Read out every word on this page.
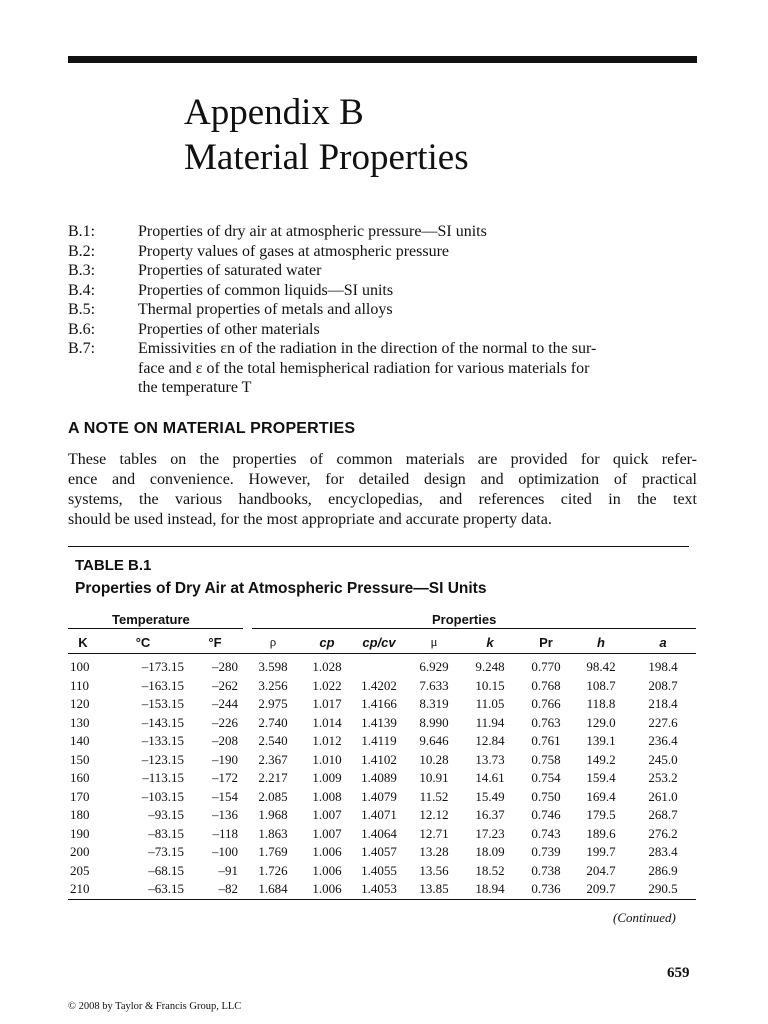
Appendix B
Material Properties
B.1:	Properties of dry air at atmospheric pressure—SI units
B.2:	Property values of gases at atmospheric pressure
B.3:	Properties of saturated water
B.4:	Properties of common liquids—SI units
B.5:	Thermal properties of metals and alloys
B.6:	Properties of other materials
B.7:	Emissivities εn of the radiation in the direction of the normal to the sur-
face and ε of the total hemispherical radiation for various materials for
the temperature T
A NOTE ON MATERIAL PROPERTIES
These tables on the properties of common materials are provided for quick refer-
ence and convenience. However, for detailed design and optimization of practical
systems, the various handbooks, encyclopedias, and references cited in the text
should be used instead, for the most appropriate and accurate property data.
TABLE B.1
Properties of Dry Air at Atmospheric Pressure—SI Units
Temperature	Properties
K	°C	°F	ρ	cp	cp/cv	μ	k	Pr	h	a
100	–173.15	–280	3.598	1.028		6.929	9.248	0.770	98.42	198.4
110	–163.15	–262	3.256	1.022	1.4202	7.633	10.15	0.768	108.7	208.7
120	–153.15	–244	2.975	1.017	1.4166	8.319	11.05	0.766	118.8	218.4
130	–143.15	–226	2.740	1.014	1.4139	8.990	11.94	0.763	129.0	227.6
140	–133.15	–208	2.540	1.012	1.4119	9.646	12.84	0.761	139.1	236.4
150	–123.15	–190	2.367	1.010	1.4102	10.28	13.73	0.758	149.2	245.0
160	–113.15	–172	2.217	1.009	1.4089	10.91	14.61	0.754	159.4	253.2
170	–103.15	–154	2.085	1.008	1.4079	11.52	15.49	0.750	169.4	261.0
180	–93.15	–136	1.968	1.007	1.4071	12.12	16.37	0.746	179.5	268.7
190	–83.15	–118	1.863	1.007	1.4064	12.71	17.23	0.743	189.6	276.2
200	–73.15	–100	1.769	1.006	1.4057	13.28	18.09	0.739	199.7	283.4
205	–68.15	–91	1.726	1.006	1.4055	13.56	18.52	0.738	204.7	286.9
210	–63.15	–82	1.684	1.006	1.4053	13.85	18.94	0.736	209.7	290.5
(Continued)
659
© 2008 by Taylor & Francis Group, LLC
